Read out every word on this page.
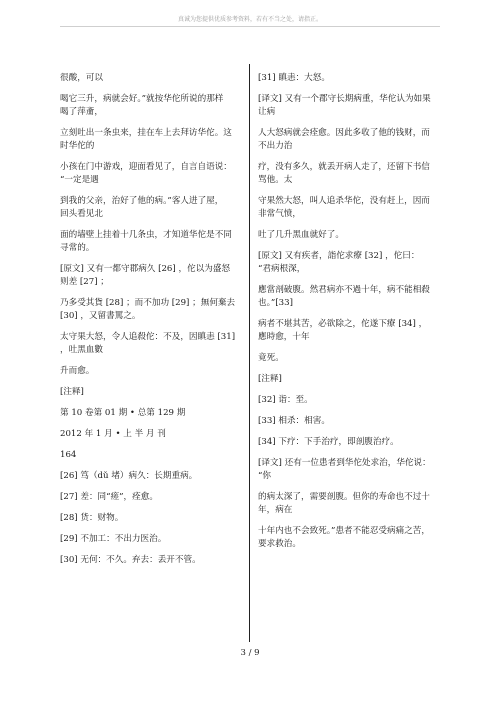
真诚为您提供优质参考资料，若有不当之处，请指正。

很酸，可以

喝它三升，病就会好。”就按华佗所说的那样
喝了萍齑，

立刻吐出一条虫来，挂在车上去拜访华佗。这
时华佗的

小孩在门中游戏，迎面看见了，自言自语说：
“一定是遇

到我的父亲，治好了他的病。”客人进了屋，
回头看见北

面的墙壁上挂着十几条虫，才知道华佗是不同
寻常的。

[原文] 又有一都守郡病久 [26] ，佗以为盛怒
则差 [27] ；

乃多受其貨 [28] ；而不加功 [29] ；無何棄去
[30] ，又留書罵之。

太守果大怒，令人追殺佗：不及，因瞋恚 [31]
，吐黑血數

升而愈。

[注释]

第 10 卷第 01 期 • 总第 129 期

2012 年 1 月 • 上 半 月 刊

164

[26] 笃（dǔ 堵）病久：长期重病。

[27] 差：同“瘥”，痊愈。

[28] 货：财物。

[29] 不加工：不出力医治。

[30] 无何：不久。弃去：丢开不管。

[31] 瞋恚：大怒。

[译文] 又有一个郡守长期病重，华佗认为如果
让病

人大怒病就会痊愈。因此多收了他的钱财，而
不出力治

疗，没有多久，就丢开病人走了，还留下书信
骂他。太

守果然大怒，叫人追杀华佗，没有赶上，因而
非常气愤，

吐了几升黑血就好了。

[原文] 又有疾者，詣佗求療 [32] ，佗曰：
“君病根深，

應當剖破腹。然君病亦不過十年，病不能相殺
也。”[33]

病者不堪其苦，必欲除之，佗遂下療 [34] ，
應時愈，十年

竟死。

[注释]

[32] 诣：至。

[33] 相杀：相害。

[34] 下疗：下手治疗，即剖腹治疗。

[译文] 还有一位患者到华佗处求治，华佗说：
“你

的病太深了，需要剖腹。但你的寿命也不过十
年，病在

十年内也不会致死。”患者不能忍受病痛之苦，
要求救治。

3 / 9
